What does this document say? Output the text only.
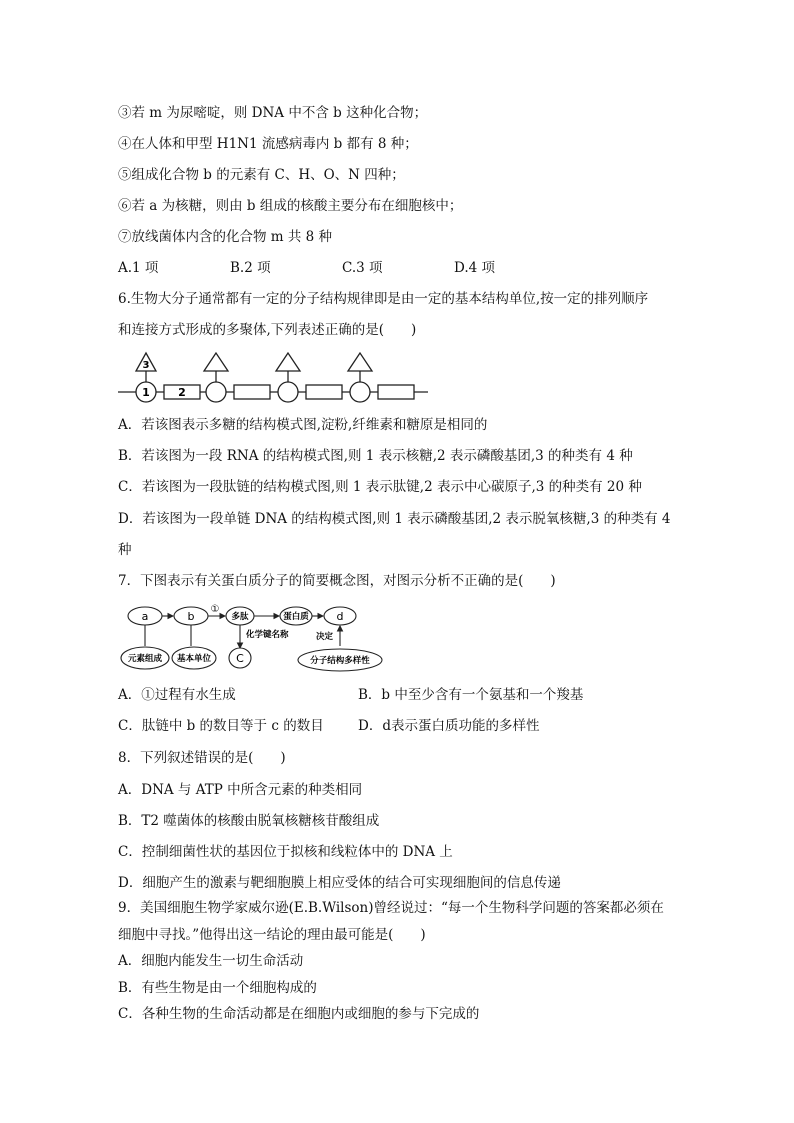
③若 m 为尿嘧啶，则 DNA 中不含 b 这种化合物；
④在人体和甲型 H1N1 流感病毒内 b 都有 8 种；
⑤组成化合物 b 的元素有 C、H、O、N 四种；
⑥若 a 为核糖，则由 b 组成的核酸主要分布在细胞核中；
⑦放线菌体内含的化合物 m 共 8 种
A.1 项	B.2 项	C.3 项	D.4 项
6.生物大分子通常都有一定的分子结构规律即是由一定的基本结构单位,按一定的排列顺序
和连接方式形成的多聚体,下列表述正确的是(　　)
3
1	2
A．若该图表示多糖的结构模式图,淀粉,纤维素和糖原是相同的
B．若该图为一段 RNA 的结构模式图,则 1 表示核糖,2 表示磷酸基团,3 的种类有 4 种
C．若该图为一段肽链的结构模式图,则 1 表示肽键,2 表示中心碳原子,3 的种类有 20 种
D．若该图为一段单链 DNA 的结构模式图,则 1 表示磷酸基团,2 表示脱氧核糖,3 的种类有 4
种
7．下图表示有关蛋白质分子的简要概念图，对图示分析不正确的是(　　)
a	b
①
多肽	蛋白质	d
化学键名称	决定
元素组成 基本单位 C	分子结构多样性
A．①过程有水生成	B．b 中至少含有一个氨基和一个羧基
C．肽链中 b 的数目等于 c 的数目	D．d表示蛋白质功能的多样性
8．下列叙述错误的是(　　)
A．DNA 与 ATP 中所含元素的种类相同
B．T2 噬菌体的核酸由脱氧核糖核苷酸组成
C．控制细菌性状的基因位于拟核和线粒体中的 DNA 上
D．细胞产生的激素与靶细胞膜上相应受体的结合可实现细胞间的信息传递
9．美国细胞生物学家威尔逊(E.B.Wilson)曾经说过：“每一个生物科学问题的答案都必须在
细胞中寻找。”他得出这一结论的理由最可能是(　　)
A．细胞内能发生一切生命活动
B．有些生物是由一个细胞构成的
C．各种生物的生命活动都是在细胞内或细胞的参与下完成的
